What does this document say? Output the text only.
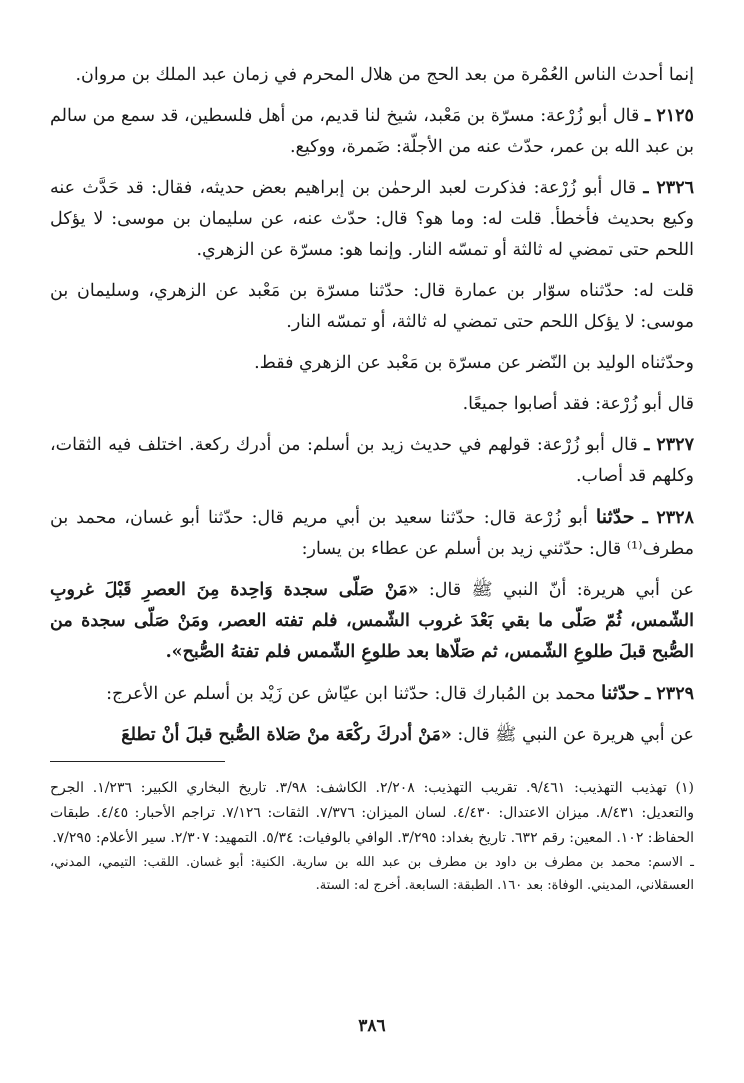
إنما أحدث الناس العُمْرة من بعد الحج من هلال المحرم في زمان عبد الملك بن مروان.

٢١٢٥ ـ قال أبو زُرْعة: مسرّة بن مَعْبد، شيخ لنا قديم، من أهل فلسطين، قد سمع من سالم بن عبد الله بن عمر، حدّث عنه من الأجلّة: ضَمرة، ووكيع.

٢٣٢٦ ـ قال أبو زُرْعة: فذكرت لعبد الرحمٰن بن إبراهيم بعض حديثه، فقال: قد حَدَّث عنه وكيع بحديث فأخطأ. قلت له: وما هو؟ قال: حدّث عنه، عن سليمان بن موسى: لا يؤكل اللحم حتى تمضي له ثالثة أو تمسّه النار. وإنما هو: مسرّة عن الزهري.

قلت له: حدّثناه سوّار بن عمارة قال: حدّثنا مسرّة بن مَعْبد عن الزهري، وسليمان بن موسى: لا يؤكل اللحم حتى تمضي له ثالثة، أو تمسّه النار.

وحدّثناه الوليد بن النّضر عن مسرّة بن مَعْبد عن الزهري فقط.

قال أبو زُرْعة: فقد أصابوا جميعًا.

٢٣٢٧ ـ قال أبو زُرْعة: قولهم في حديث زيد بن أسلم: من أدرك ركعة. اختلف فيه الثقات، وكلهم قد أصاب.

٢٣٢٨ ـ حدّثنا أبو زُرْعة قال: حدّثنا سعيد بن أبي مريم قال: حدّثنا أبو غسان، محمد بن مطرف⁽¹⁾ قال: حدّثني زيد بن أسلم عن عطاء بن يسار:

عن أبي هريرة: أنّ النبي ﷺ قال: «مَنْ صَلّى سجدة وَاحِدة مِنَ العصرِ قَبْلَ غروبِ الشّمس، ثُمّ صَلّى ما بقي بَعْدَ غروب الشّمس، فلم تفته العصر، ومَنْ صَلّى سجدة من الصُّبح قبلَ طلوعِ الشّمس، ثم صَلّاها بعد طلوعِ الشّمس فلم تفتهُ الصُّبح».

٢٣٢٩ ـ حدّثنا محمد بن المُبارك قال: حدّثنا ابن عيّاش عن زَيْد بن أسلم عن الأعرج:

عن أبي هريرة عن النبي ﷺ قال: «مَنْ أدركَ ركْعَة منْ صَلاة الصُّبح قبلَ أنْ تطلعَ

(١) تهذيب التهذيب: ٩/٤٦١. تقريب التهذيب: ٢/٢٠٨. الكاشف: ٣/٩٨. تاريخ البخاري الكبير: ١/٢٣٦. الجرح والتعديل: ٨/٤٣١. ميزان الاعتدال: ٤/٤٣٠. لسان الميزان: ٧/٣٧٦. الثقات: ٧/١٢٦. تراجم الأحبار: ٤/٤٥. طبقات الحفاظ: ١٠٢. المعين: رقم ٦٣٢. تاريخ بغداد: ٣/٢٩٥. الوافي بالوفيات: ٥/٣٤. التمهيد: ٢/٣٠٧. سير الأعلام: ٧/٢٩٥.

ـ الاسم: محمد بن مطرف بن داود بن مطرف بن عبد الله بن سارية. الكنية: أبو غسان. اللقب: التيمي، المدني، العسقلاني، المديني. الوفاة: بعد ١٦٠. الطبقة: السابعة. أخرج له: الستة.

٣٨٦
